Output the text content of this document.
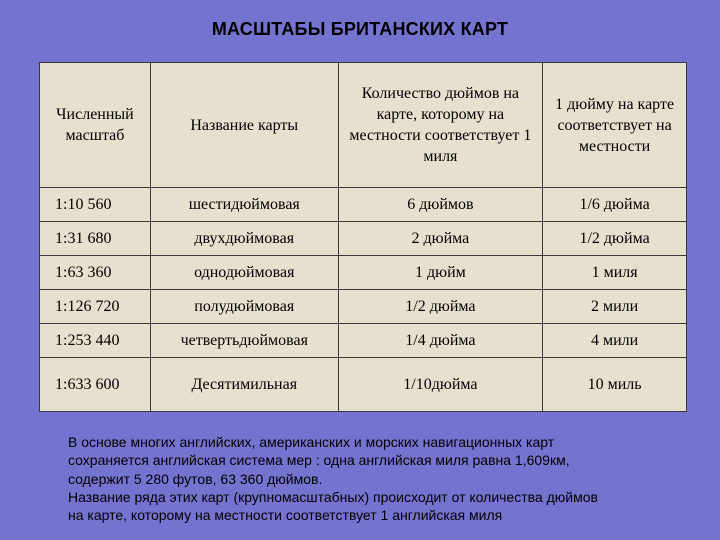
МАСШТАБЫ БРИТАНСКИХ КАРТ
Численный масштаб	Название карты	Количество дюймов на карте, которому на местности соответствует 1 миля	1 дюйму на карте соответствует на местности
1:10 560	шестидюймовая	6 дюймов	1/6 дюйма
1:31 680	двухдюймовая	2 дюйма	1/2 дюйма
1:63 360	однодюймовая	1 дюйм	1 миля
1:126 720	полудюймовая	1/2 дюйма	2 мили
1:253 440	четвертьдюймовая	1/4 дюйма	4 мили
1:633 600	Десятимильная	1/10дюйма	10 миль
В основе многих английских, американских и морских навигационных карт
сохраняется английская система мер : одна английская миля равна 1,609км,
содержит 5 280 футов, 63 360 дюймов.
Название ряда этих карт (крупномасштабных) происходит от количества дюймов
на карте, которому на местности соответствует 1 английская миля
